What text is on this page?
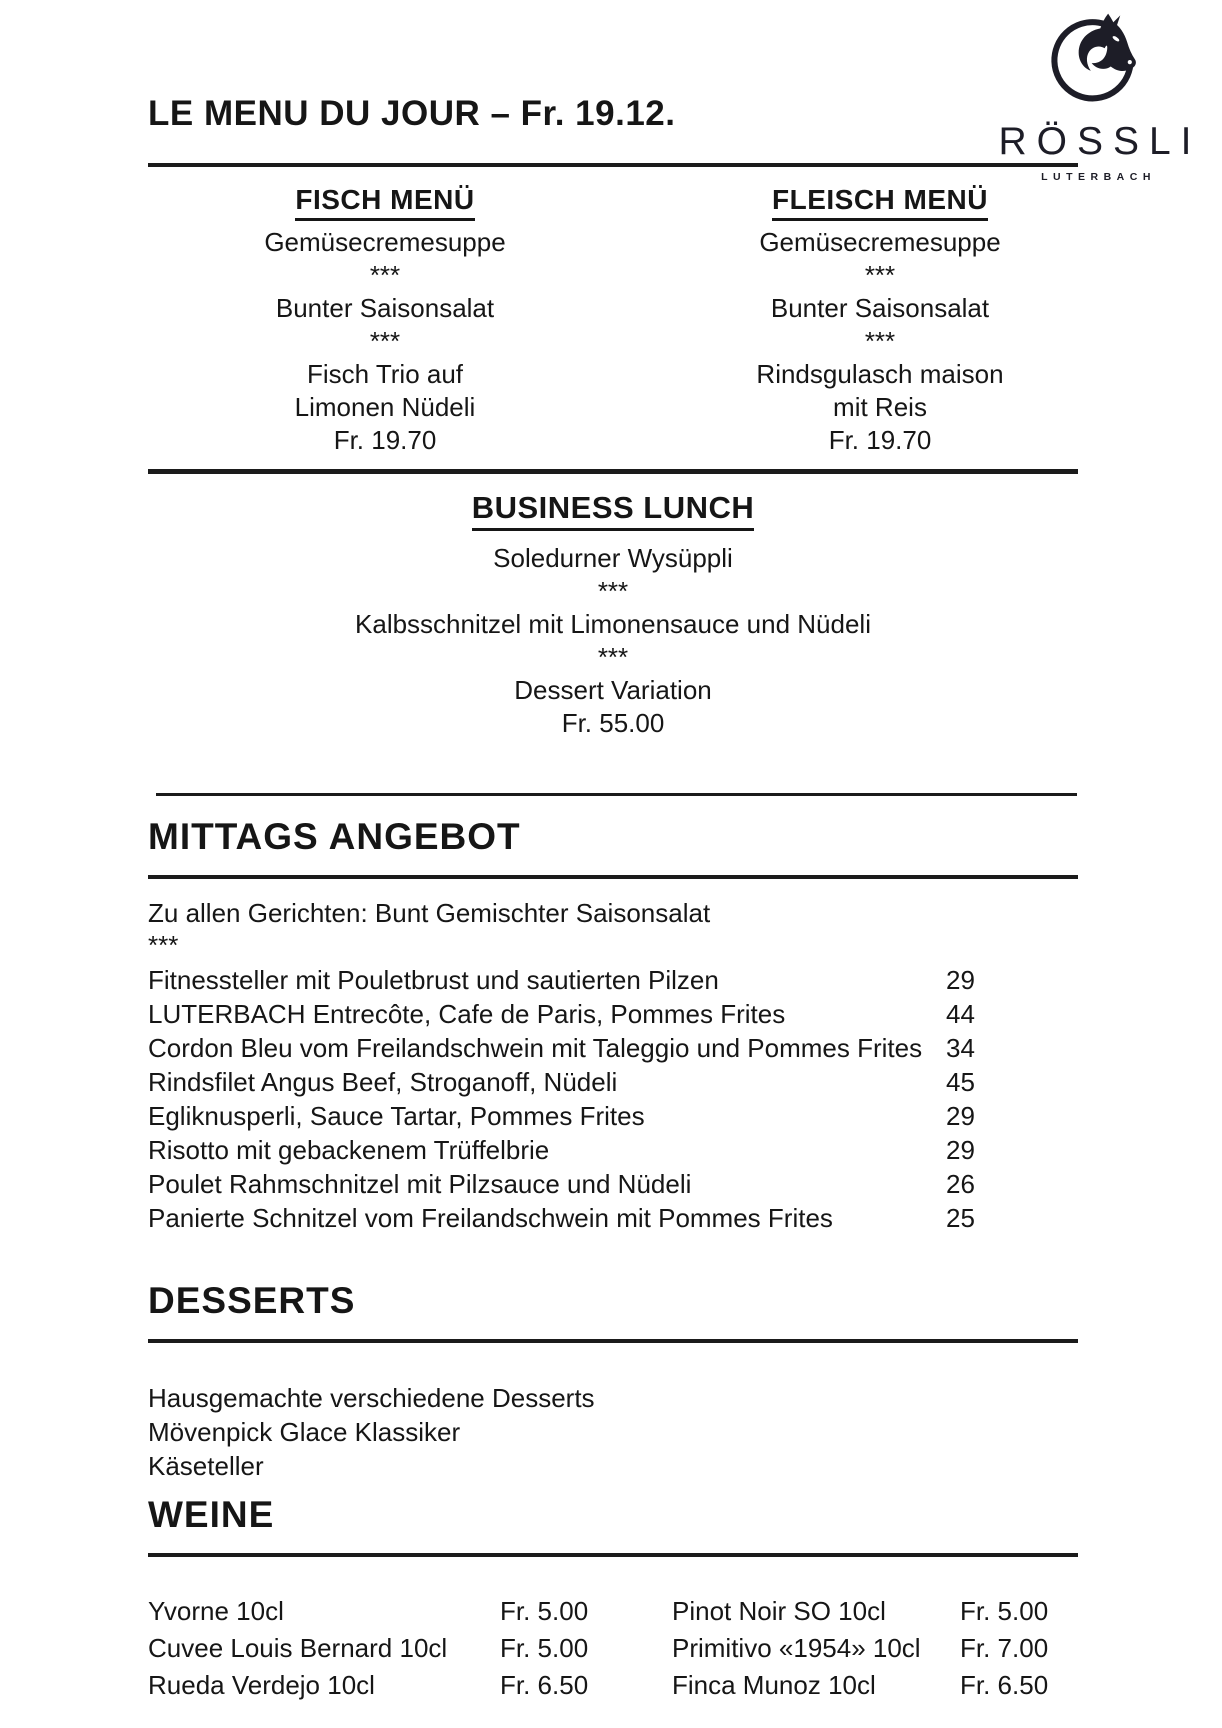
LE MENU DU JOUR – Fr. 19.12.
RÖSSLI
LUTERBACH
FISCH MENÜ
Gemüsecremesuppe
***
Bunter Saisonsalat
***
Fisch Trio auf
Limonen Nüdeli
Fr. 19.70
FLEISCH MENÜ
Gemüsecremesuppe
***
Bunter Saisonsalat
***
Rindsgulasch maison
mit Reis
Fr. 19.70
BUSINESS LUNCH
Soledurner Wysüppli
***
Kalbsschnitzel mit Limonensauce und Nüdeli
***
Dessert Variation
Fr. 55.00
MITTAGS ANGEBOT
Zu allen Gerichten: Bunt Gemischter Saisonsalat
***
Fitnessteller mit Pouletbrust und sautierten Pilzen	29
LUTERBACH Entrecôte, Cafe de Paris, Pommes Frites	44
Cordon Bleu vom Freilandschwein mit Taleggio und Pommes Frites 34
Rindsfilet Angus Beef, Stroganoff, Nüdeli	45
Egliknusperli, Sauce Tartar, Pommes Frites	29
Risotto mit gebackenem Trüffelbrie	29
Poulet Rahmschnitzel mit Pilzsauce und Nüdeli	26
Panierte Schnitzel vom Freilandschwein mit Pommes Frites	25
DESSERTS
Hausgemachte verschiedene Desserts
Mövenpick Glace Klassiker
Käseteller
WEINE
Yvorne 10cl	Fr. 5.00	Pinot Noir SO 10cl	Fr. 5.00
Cuvee Louis Bernard 10cl	Fr. 5.00	Primitivo «1954» 10cl	Fr. 7.00
Rueda Verdejo 10cl	Fr. 6.50	Finca Munoz 10cl	Fr. 6.50
